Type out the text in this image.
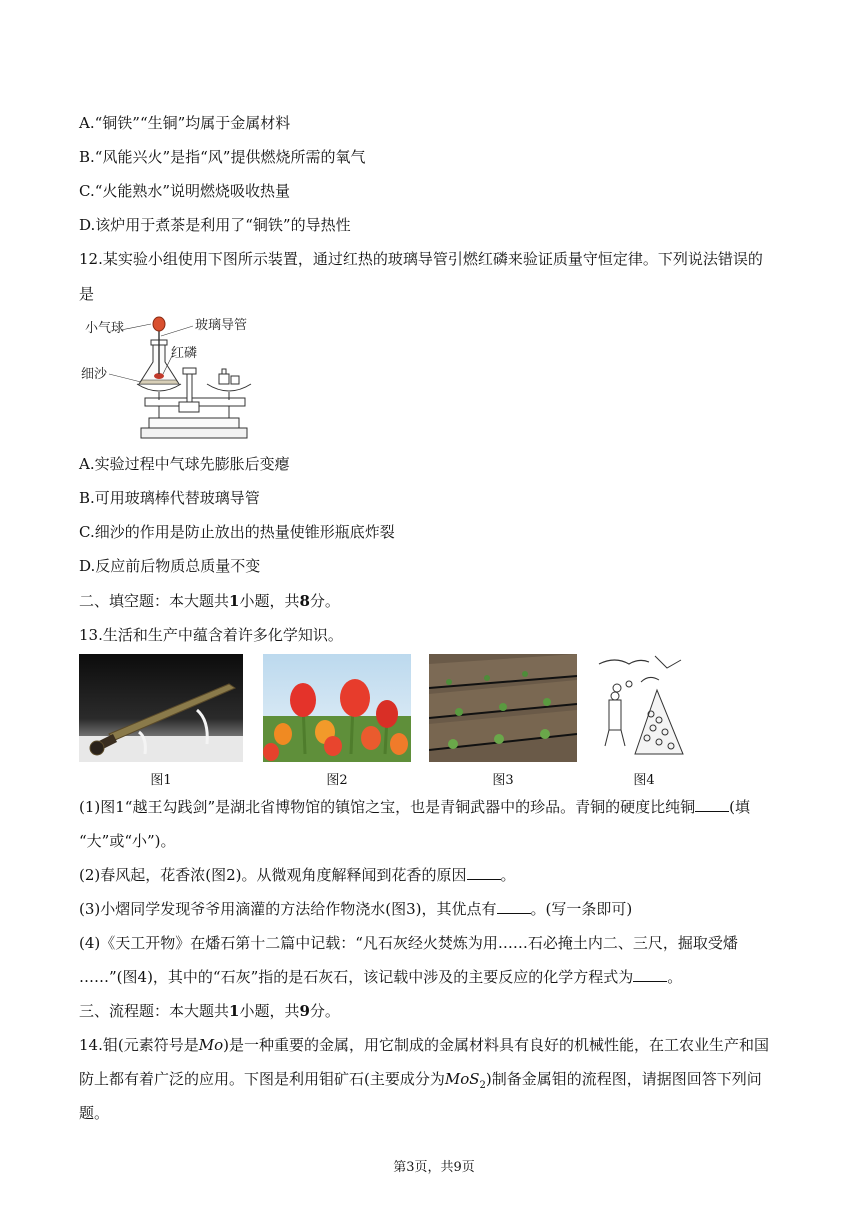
A.“铜铁”“生铜”均属于金属材料
B.“风能兴火”是指“风”提供燃烧所需的氧气
C.“火能熟水”说明燃烧吸收热量
D.该炉用于煮茶是利用了“铜铁”的导热性
12.某实验小组使用下图所示装置，通过红热的玻璃导管引燃红磷来验证质量守恒定律。下列说法错误的
是
小气球	玻璃导管
红磷
细沙
A.实验过程中气球先膨胀后变瘪
B.可用玻璃棒代替玻璃导管
C.细沙的作用是防止放出的热量使锥形瓶底炸裂
D.反应前后物质总质量不变
二、填空题：本大题共1小题，共8分。
13.生活和生产中蕴含着许多化学知识。
图1	图2	图3	图4
(1)图1“越王勾践剑”是湖北省博物馆的镇馆之宝，也是青铜武器中的珍品。青铜的硬度比纯铜 (填
“大”或“小”)。
(2)春风起，花香浓(图2)。从微观角度解释闻到花香的原因 。
(3)小熠同学发现爷爷用滴灌的方法给作物浇水(图3)，其优点有 。(写一条即可)
(4)《天工开物》在燔石第十二篇中记载：“凡石灰经火焚炼为用……石必掩土内二、三尺，掘取受燔
……”(图4)，其中的“石灰”指的是石灰石，该记载中涉及的主要反应的化学方程式为 。
三、流程题：本大题共1小题，共9分。
14.钼(元素符号是Mo)是一种重要的金属，用它制成的金属材料具有良好的机械性能，在工农业生产和国
防上都有着广泛的应用。下图是利用钼矿石(主要成分为MoS$_2$)制备金属钼的流程图，请据图回答下列问
题。
第3页，共9页
